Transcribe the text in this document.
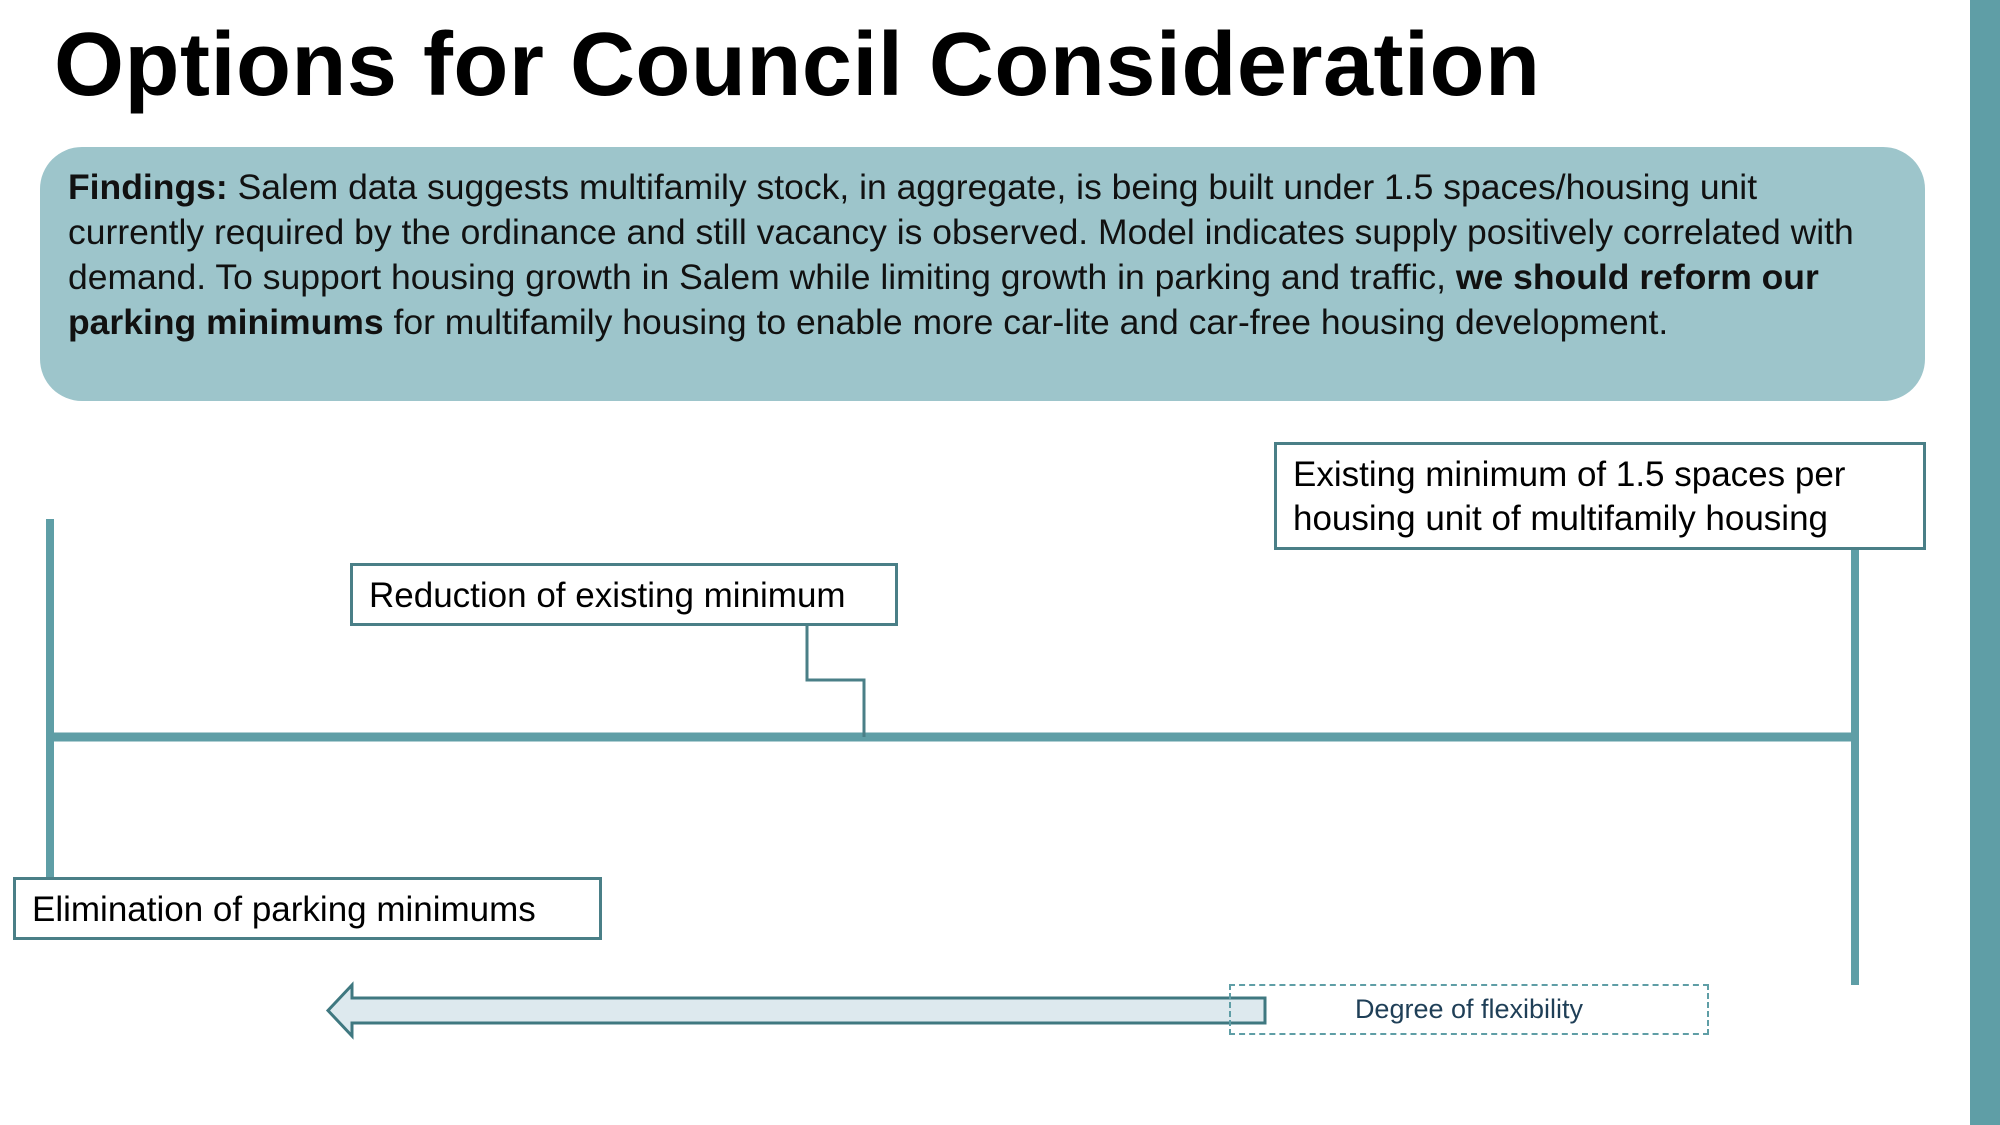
Options for Council Consideration
Findings: Salem data suggests multifamily stock, in aggregate, is being built under 1.5 spaces/housing unit currently required by the ordinance and still vacancy is observed. Model indicates supply positively correlated with demand. To support housing growth in Salem while limiting growth in parking and traffic, we should reform our parking minimums for multifamily housing to enable more car-lite and car-free housing development.
Existing minimum of 1.5 spaces per housing unit of multifamily housing
Reduction of existing minimum
Elimination of parking minimums
Degree of flexibility
